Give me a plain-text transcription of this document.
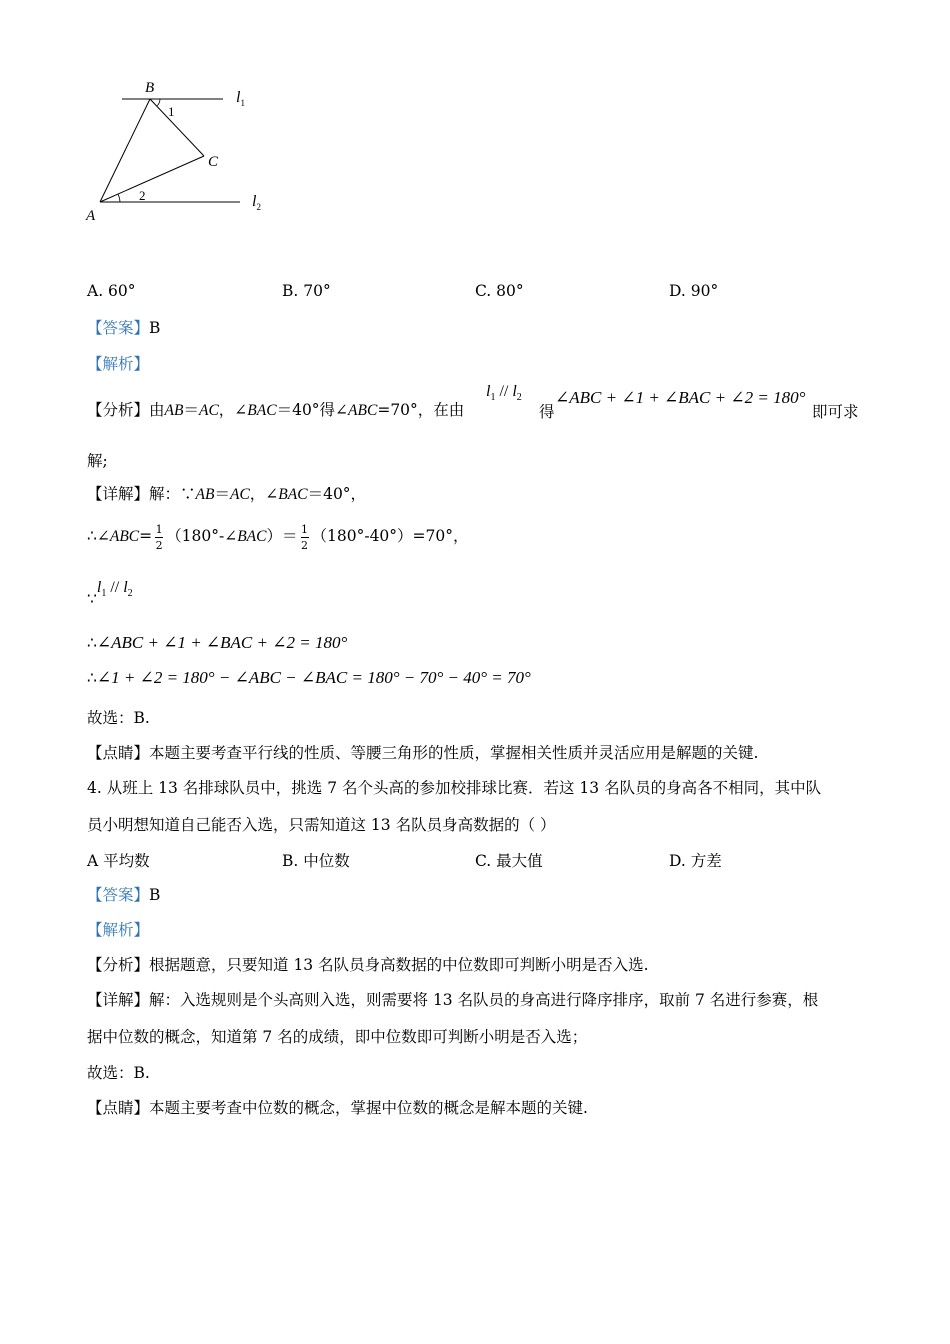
B
C
A
1
2
$l_1$
$l_2$
A. 60°	B. 70°	C. 80°	D. 90°
【答案】B
【解析】
【分析】由AB＝AC，∠BAC＝40°得∠ABC=70°，在由
$l_1 // l_2$
得
∠ABC + ∠1 + ∠BAC + ∠2 = 180°
即可求
解;
【详解】解：∵AB＝AC，∠BAC＝40°，
∴∠ABC= $\frac{1}{2}$ （180°-∠BAC）＝ $\frac{1}{2} (180^\circ-40^\circ)=70^\circ$，
$\because l_1 // l_2$
∴∠ABC + ∠1 + ∠BAC + ∠2 = 180°
∴∠1 + ∠2 = 180° − ∠ABC − ∠BAC = 180° − 70° − 40° = 70°
故选：B.
【点睛】本题主要考查平行线的性质、等腰三角形的性质，掌握相关性质并灵活应用是解题的关键.
4. 从班上 13 名排球队员中，挑选 7 名个头高的参加校排球比赛．若这 13 名队员的身高各不相同，其中队
员小明想知道自己能否入选，只需知道这 13 名队员身高数据的（ ）
A 平均数	B. 中位数	C. 最大值	D. 方差
【答案】B
【解析】
【分析】根据题意，只要知道 13 名队员身高数据的中位数即可判断小明是否入选.
【详解】解：入选规则是个头高则入选，则需要将 13 名队员的身高进行降序排序，取前 7 名进行参赛，根
据中位数的概念，知道第 7 名的成绩，即中位数即可判断小明是否入选；
故选：B.
【点睛】本题主要考查中位数的概念，掌握中位数的概念是解本题的关键.
